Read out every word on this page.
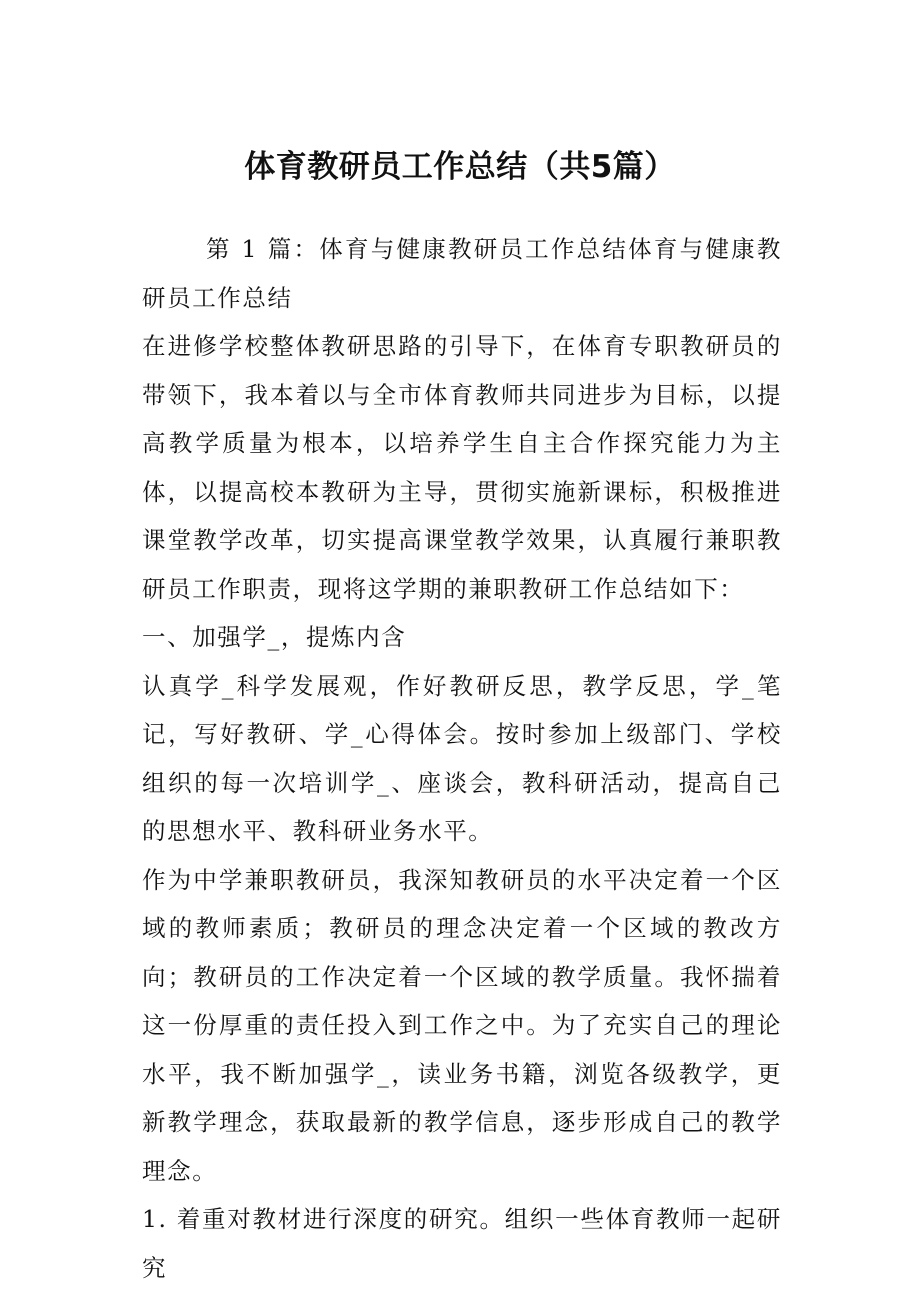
体育教研员工作总结（共5篇）

第 1 篇：体育与健康教研员工作总结体育与健康教研员工作总结

在进修学校整体教研思路的引导下，在体育专职教研员的带领下，我本着以与全市体育教师共同进步为目标，以提高教学质量为根本，以培养学生自主合作探究能力为主体，以提高校本教研为主导，贯彻实施新课标，积极推进课堂教学改革，切实提高课堂教学效果，认真履行兼职教研员工作职责，现将这学期的兼职教研工作总结如下：

一、加强学_，提炼内含

认真学_科学发展观，作好教研反思，教学反思，学_笔记，写好教研、学_心得体会。按时参加上级部门、学校组织的每一次培训学_、座谈会，教科研活动，提高自己的思想水平、教科研业务水平。

作为中学兼职教研员，我深知教研员的水平决定着一个区域的教师素质；教研员的理念决定着一个区域的教改方向；教研员的工作决定着一个区域的教学质量。我怀揣着这一份厚重的责任投入到工作之中。为了充实自己的理论水平，我不断加强学_，读业务书籍，浏览各级教学，更新教学理念，获取最新的教学信息，逐步形成自己的教学理念。

1. 着重对教材进行深度的研究。组织一些体育教师一起研究
